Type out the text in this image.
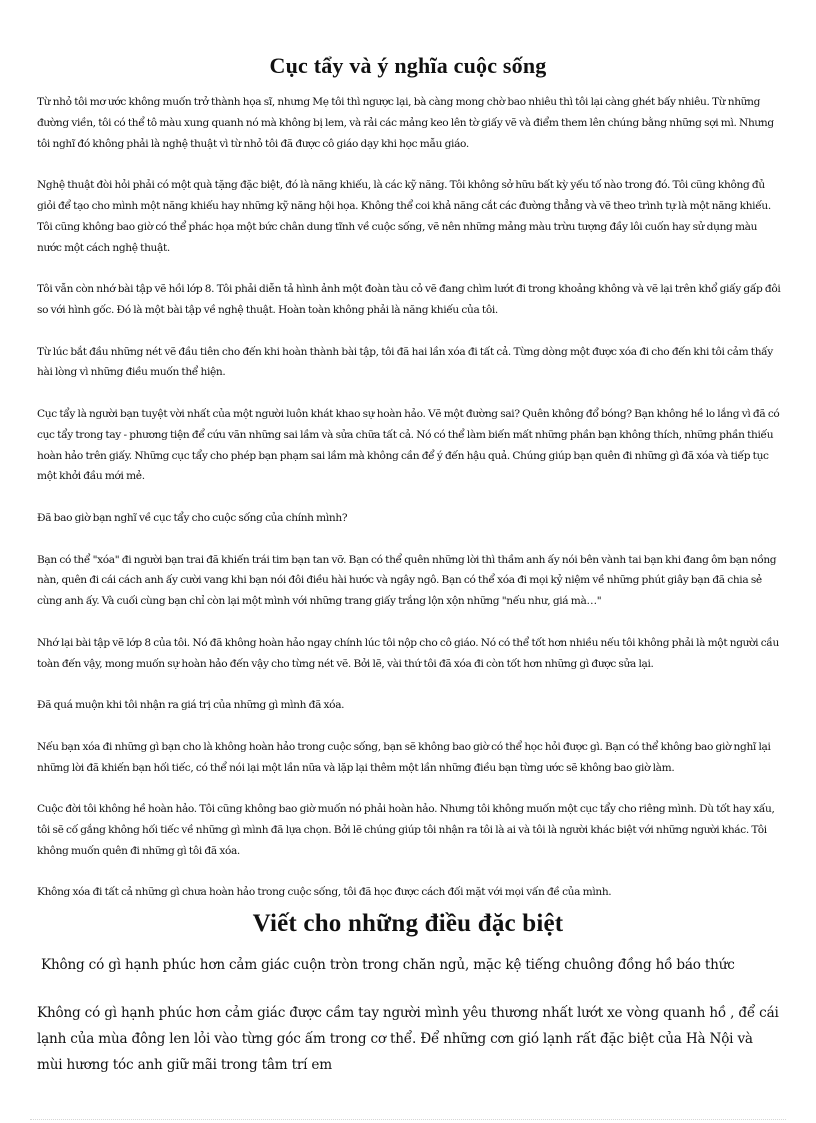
Cục tẩy và ý nghĩa cuộc sống

Từ nhỏ tôi mơ ước không muốn trở thành họa sĩ, nhưng Mẹ tôi thì ngược lại, bà càng mong chờ bao nhiêu thì tôi lại càng ghét bấy nhiêu. Từ những đường viền, tôi có thể tô màu xung quanh nó mà không bị lem, và rải các mảng keo lên tờ giấy vẽ và điểm them lên chúng bằng những sợi mì. Nhưng tôi nghĩ đó không phải là nghệ thuật vì từ nhỏ tôi đã được cô giáo dạy khi học mẫu giáo.

Nghệ thuật đòi hỏi phải có một quà tặng đặc biệt, đó là năng khiếu, là các kỹ năng. Tôi không sở hữu bất kỳ yếu tố nào trong đó. Tôi cũng không đủ giỏi để tạo cho mình một năng khiếu hay những kỹ năng hội họa. Không thể coi khả năng cắt các đường thẳng và vẽ theo trình tự là một năng khiếu. Tôi cũng không bao giờ có thể phác họa một bức chân dung tĩnh về cuộc sống, vẽ nên những mảng màu trừu tượng đầy lôi cuốn hay sử dụng màu nước một cách nghệ thuật.

Tôi vẫn còn nhớ bài tập vẽ hồi lớp 8. Tôi phải diễn tả hình ảnh một đoàn tàu cỏ vẽ đang chìm lướt đi trong khoảng không và vẽ lại trên khổ giấy gấp đôi so với hình gốc. Đó là một bài tập về nghệ thuật. Hoàn toàn không phải là năng khiếu của tôi.

Từ lúc bắt đầu những nét vẽ đầu tiên cho đến khi hoàn thành bài tập, tôi đã hai lần xóa đi tất cả. Từng dòng một được xóa đi cho đến khi tôi cảm thấy hài lòng vì những điều muốn thể hiện.

Cục tẩy là người bạn tuyệt vời nhất của một người luôn khát khao sự hoàn hảo. Vẽ một đường sai? Quên không đổ bóng? Bạn không hề lo lắng vì đã có cục tẩy trong tay - phương tiện để cứu vãn những sai lầm và sửa chữa tất cả. Nó có thể làm biến mất những phần bạn không thích, những phần thiếu hoàn hảo trên giấy. Những cục tẩy cho phép bạn phạm sai lầm mà không cần để ý đến hậu quả. Chúng giúp bạn quên đi những gì đã xóa và tiếp tục một khởi đầu mới mẻ.

Đã bao giờ bạn nghĩ về cục tẩy cho cuộc sống của chính mình?

Bạn có thể "xóa" đi người bạn trai đã khiến trái tim bạn tan vỡ. Bạn có thể quên những lời thì thầm anh ấy nói bên vành tai bạn khi đang ôm bạn nồng nàn, quên đi cái cách anh ấy cười vang khi bạn nói đôi điều hài hước và ngây ngô. Bạn có thể xóa đi mọi kỷ niệm về những phút giây bạn đã chia sẻ cùng anh ấy. Và cuối cùng bạn chỉ còn lại một mình với những trang giấy trắng lộn xộn những "nếu như, giá mà…"

Nhớ lại bài tập vẽ lớp 8 của tôi. Nó đã không hoàn hảo ngay chính lúc tôi nộp cho cô giáo. Nó có thể tốt hơn nhiều nếu tôi không phải là một người cầu toàn đến vậy, mong muốn sự hoàn hảo đến vậy cho từng nét vẽ. Bởi lẽ, vài thứ tôi đã xóa đi còn tốt hơn những gì được sửa lại.

Đã quá muộn khi tôi nhận ra giá trị của những gì mình đã xóa.

Nếu bạn xóa đi những gì bạn cho là không hoàn hảo trong cuộc sống, bạn sẽ không bao giờ có thể học hỏi được gì. Bạn có thể không bao giờ nghĩ lại những lời đã khiến bạn hối tiếc, có thể nói lại một lần nữa và lặp lại thêm một lần những điều bạn từng ước sẽ không bao giờ làm.

Cuộc đời tôi không hề hoàn hảo. Tôi cũng không bao giờ muốn nó phải hoàn hảo. Nhưng tôi không muốn một cục tẩy cho riêng mình. Dù tốt hay xấu, tôi sẽ cố gắng không hối tiếc về những gì mình đã lựa chọn. Bởi lẽ chúng giúp tôi nhận ra tôi là ai và tôi là người khác biệt với những người khác. Tôi không muốn quên đi những gì tôi đã xóa.

Không xóa đi tất cả những gì chưa hoàn hảo trong cuộc sống, tôi đã học được cách đối mặt với mọi vấn đề của mình.

Viết cho những điều đặc biệt

Không có gì hạnh phúc hơn cảm giác cuộn tròn trong chăn ngủ, mặc kệ tiếng chuông đồng hồ báo thức

Không có gì hạnh phúc hơn cảm giác được cầm tay người mình yêu thương nhất lướt xe vòng quanh hồ , để cái lạnh của mùa đông len lỏi vào từng góc ấm trong cơ thể. Để những cơn gió lạnh rất đặc biệt của Hà Nội và mùi hương tóc anh giữ mãi trong tâm trí em
